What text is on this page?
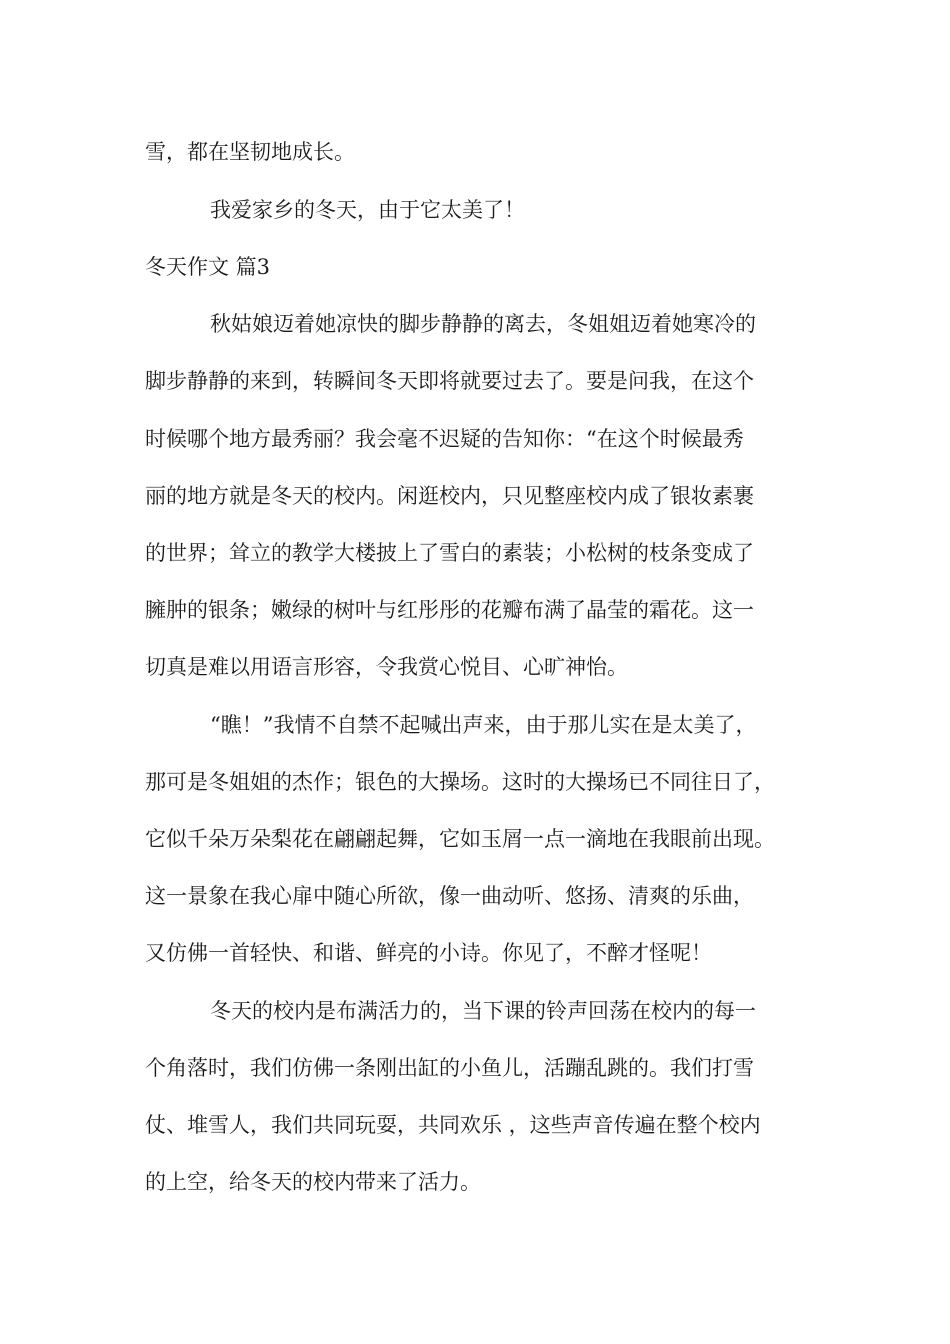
雪，都在坚韧地成长。
我爱家乡的冬天，由于它太美了！
冬天作文 篇3
秋姑娘迈着她凉快的脚步静静的离去，冬姐姐迈着她寒冷的
脚步静静的来到，转瞬间冬天即将就要过去了。要是问我，在这个
时候哪个地方最秀丽？我会毫不迟疑的告知你：“在这个时候最秀
丽的地方就是冬天的校内。闲逛校内，只见整座校内成了银妆素裹
的世界；耸立的教学大楼披上了雪白的素装；小松树的枝条变成了
臃肿的银条；嫩绿的树叶与红彤彤的花瓣布满了晶莹的霜花。这一
切真是难以用语言形容，令我赏心悦目、心旷神怡。
“瞧！”我情不自禁不起喊出声来，由于那儿实在是太美了，
那可是冬姐姐的杰作；银色的大操场。这时的大操场已不同往日了，
它似千朵万朵梨花在翩翩起舞，它如玉屑一点一滴地在我眼前出现。
这一景象在我心扉中随心所欲，像一曲动听、悠扬、清爽的乐曲，
又仿佛一首轻快、和谐、鲜亮的小诗。你见了，不醉才怪呢！
冬天的校内是布满活力的，当下课的铃声回荡在校内的每一
个角落时，我们仿佛一条刚出缸的小鱼儿，活蹦乱跳的。我们打雪
仗、堆雪人，我们共同玩耍，共同欢乐 ，这些声音传遍在整个校内
的上空，给冬天的校内带来了活力。
